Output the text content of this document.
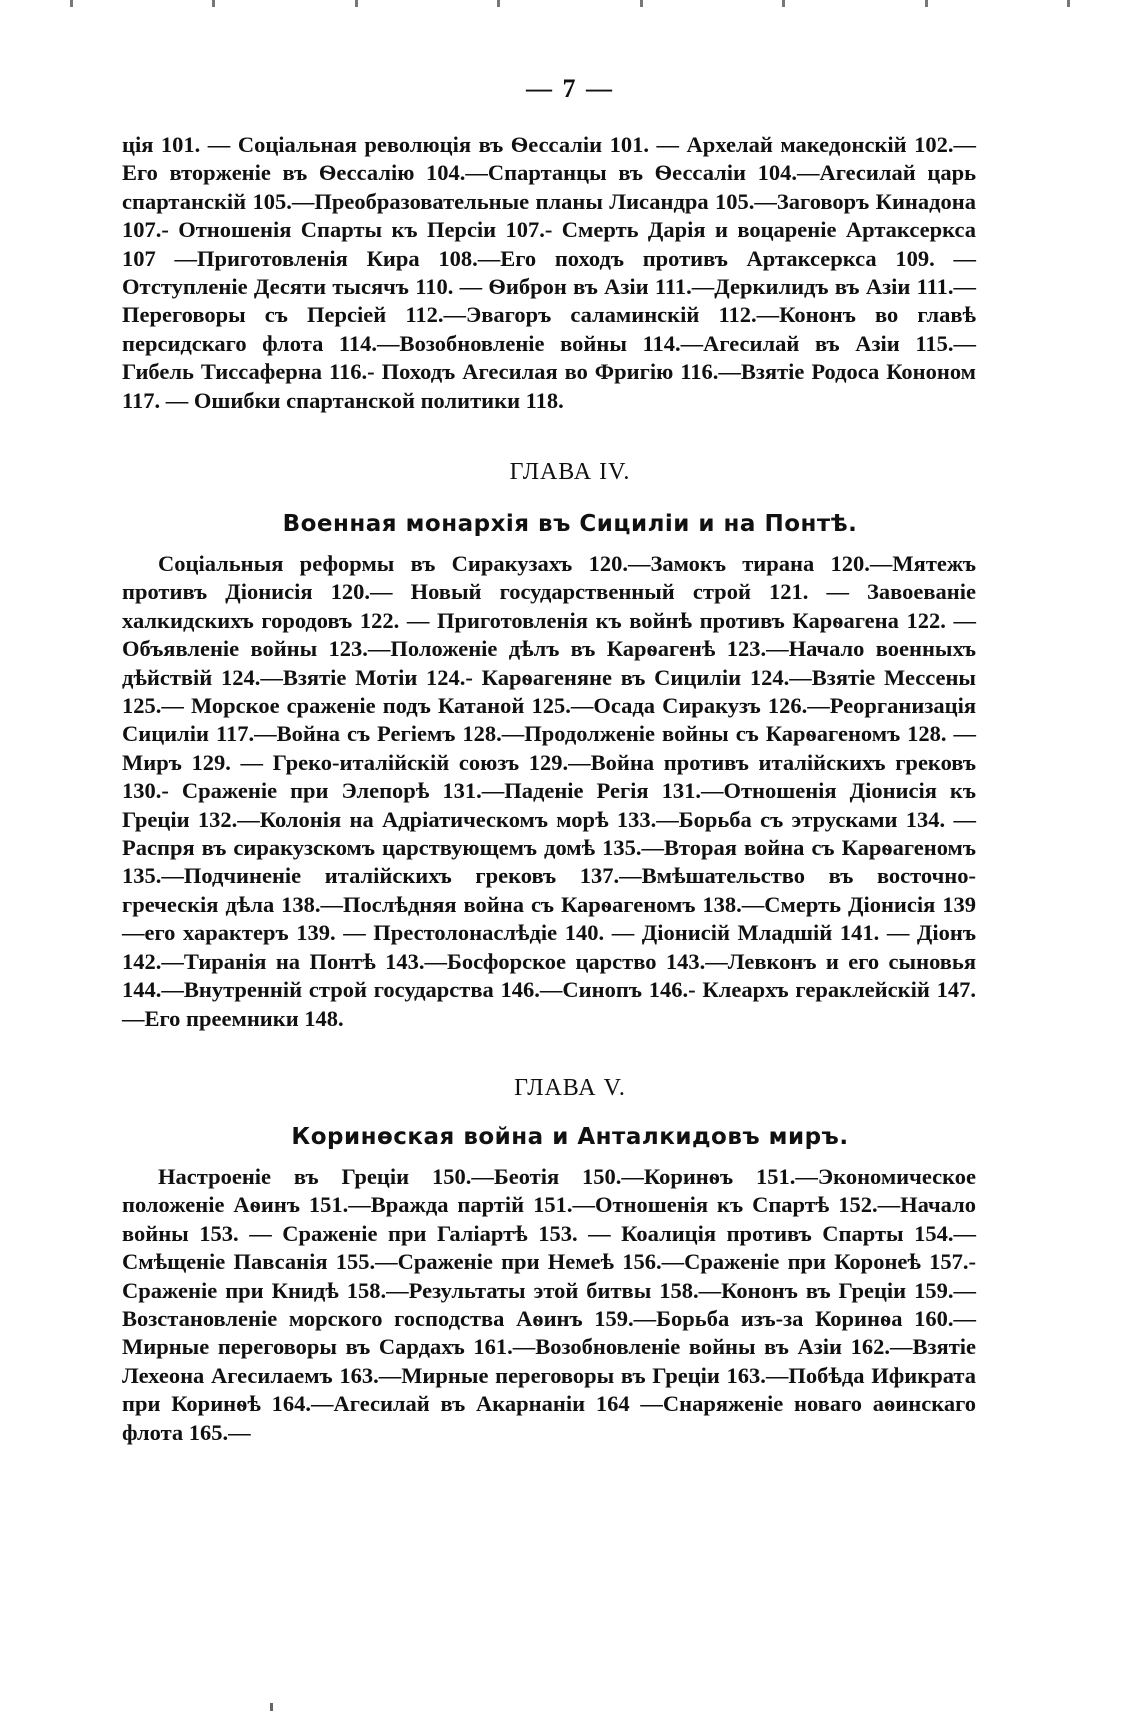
— 7 —

ція 101. — Соціальная революція въ Ѳессаліи 101. — Архелай македонскій 102.—Его вторженіе въ Ѳессалію 104.—Спартанцы въ Ѳессаліи 104.—Агесилай царь спартанскій 105.—Преобразовательные планы Лисандра 105.—Заговоръ Кинадона 107.- Отношенія Спарты къ Персіи 107.- Смерть Дарія и воцареніе Артаксеркса 107 —Приготовленія Кира 108.—Его походъ противъ Артаксеркса 109. — Отступленіе Десяти тысячъ 110. — Ѳиброн въ Азіи 111.—Деркилидъ въ Азіи 111.—Переговоры съ Персіей 112.—Эвагоръ саламинскій 112.—Кононъ во главѣ персидскаго флота 114.—Возобновленіе войны 114.—Агесилай въ Азіи 115.—Гибель Тиссаферна 116.- Походъ Агесилая во Фригію 116.—Взятіе Родоса Кононом 117. — Ошибки спартанской политики 118.

ГЛАВА IV.
Военная монархія въ Сициліи и на Понтѣ.

Соціальныя реформы въ Сиракузахъ 120.—Замокъ тирана 120.—Мятежъ противъ Діонисія 120.— Новый государственный строй 121. — Завоеваніе халкидскихъ городовъ 122. — Приготовленія къ войнѣ противъ Карѳагена 122. — Объявленіе войны 123.—Положеніе дѣлъ въ Карѳагенѣ 123.—Начало военныхъ дѣйствій 124.—Взятіе Мотіи 124.- Карѳагеняне въ Сициліи 124.—Взятіе Мессены 125.— Морское сраженіе подъ Катаной 125.—Осада Сиракузъ 126.—Реорганизація Сициліи 117.—Война съ Регіемъ 128.—Продолженіе войны съ Карѳагеномъ 128. — Миръ 129. — Греко-италійскій союзъ 129.—Война противъ италійскихъ грековъ 130.- Сраженіе при Элепорѣ 131.—Паденіе Регія 131.—Отношенія Діонисія къ Греціи 132.—Колонія на Адріатическомъ морѣ 133.—Борьба съ этрусками 134. — Распря въ сиракузскомъ царствующемъ домѣ 135.—Вторая война съ Карѳагеномъ 135.—Подчиненіе италійскихъ грековъ 137.—Вмѣшательство въ восточно-греческія дѣла 138.—Послѣдняя война съ Карѳагеномъ 138.—Смерть Діонисія 139—его характеръ 139. — Престолонаслѣдіе 140. — Діонисій Младшій 141. — Діонъ 142.—Тиранія на Понтѣ 143.—Босфорское царство 143.—Левконъ и его сыновья 144.—Внутренній строй государства 146.—Синопъ 146.- Клеархъ гераклейскій 147.—Его преемники 148.

ГЛАВА V.
Коринѳская война и Анталкидовъ миръ.

Настроеніе въ Греціи 150.—Беотія 150.—Коринѳъ 151.—Экономическое положеніе Аѳинъ 151.—Вражда партій 151.—Отношенія къ Спартѣ 152.—Начало войны 153. — Сраженіе при Галіартѣ 153. — Коалиція противъ Спарты 154.—Смѣщеніе Павсанія 155.—Сраженіе при Немеѣ 156.—Сраженіе при Коронеѣ 157.- Сраженіе при Книдѣ 158.—Результаты этой битвы 158.—Кононъ въ Греціи 159.—Возстановленіе морского господства Аѳинъ 159.—Борьба изъ-за Коринѳа 160.—Мирные переговоры въ Сардахъ 161.—Возобновленіе войны въ Азіи 162.—Взятіе Лехеона Агесилаемъ 163.—Мирные переговоры въ Греціи 163.—Побѣда Ификрата при Коринѳѣ 164.—Агесилай въ Акарнаніи 164 —Снаряженіе новаго аѳинскаго флота 165.—
